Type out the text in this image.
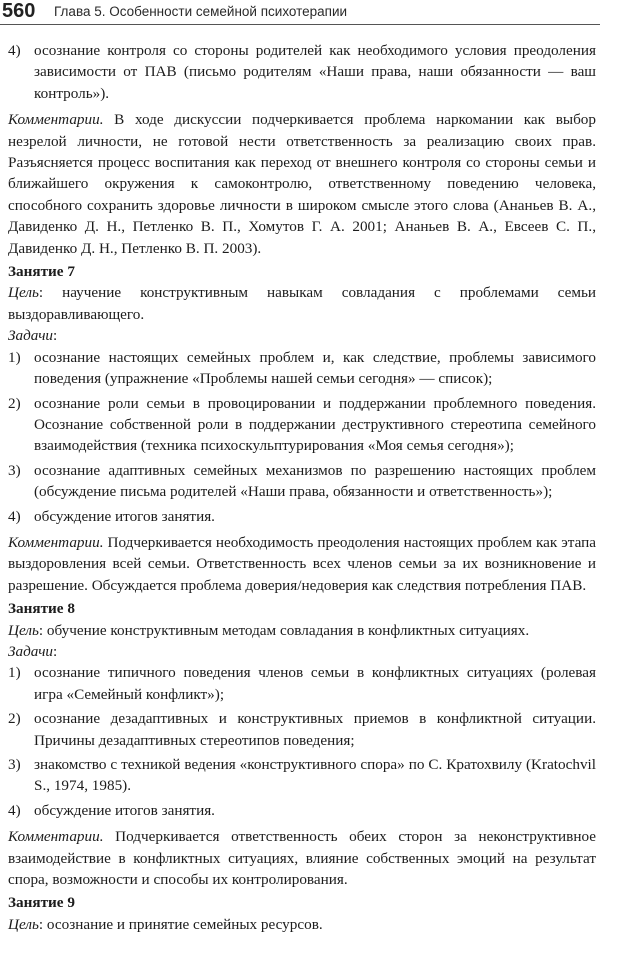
560 Глава 5. Особенности семейной психотерапии
4) осознание контроля со стороны родителей как необходимого условия преодоления зависимости от ПАВ (письмо родителям «Наши права, наши обязанности — ваш контроль»).

Комментарии. В ходе дискуссии подчеркивается проблема наркомании как выбор незрелой личности, не готовой нести ответственность за реализацию своих прав. Разъясняется процесс воспитания как переход от внешнего контроля со стороны семьи и ближайшего окружения к самоконтролю, ответственному поведению человека, способного сохранить здоровье личности в широком смысле этого слова (Ананьев В. А., Давиденко Д. Н., Петленко В. П., Хомутов Г. А. 2001; Ананьев В. А., Евсеев С. П., Давиденко Д. Н., Петленко В. П. 2003).

Занятие 7

Цель: научение конструктивным навыкам совладания с проблемами семьи выздоравливающего.

Задачи:

1) осознание настоящих семейных проблем и, как следствие, проблемы зависимого поведения (упражнение «Проблемы нашей семьи сегодня» — список);
2) осознание роли семьи в провоцировании и поддержании проблемного поведения. Осознание собственной роли в поддержании деструктивного стереотипа семейного взаимодействия (техника психоскульптурирования «Моя семья сегодня»);
3) осознание адаптивных семейных механизмов по разрешению настоящих проблем (обсуждение письма родителей «Наши права, обязанности и ответственность»);
4) обсуждение итогов занятия.

Комментарии. Подчеркивается необходимость преодоления настоящих проблем как этапа выздоровления всей семьи. Ответственность всех членов семьи за их возникновение и разрешение. Обсуждается проблема доверия/недоверия как следствия потребления ПАВ.

Занятие 8

Цель: обучение конструктивным методам совладания в конфликтных ситуациях.

Задачи:

1) осознание типичного поведения членов семьи в конфликтных ситуациях (ролевая игра «Семейный конфликт»);
2) осознание дезадаптивных и конструктивных приемов в конфликтной ситуации. Причины дезадаптивных стереотипов поведения;
3) знакомство с техникой ведения «конструктивного спора» по С. Кратохвилу (Kratochvil S., 1974, 1985).
4) обсуждение итогов занятия.

Комментарии. Подчеркивается ответственность обеих сторон за неконструктивное взаимодействие в конфликтных ситуациях, влияние собственных эмоций на результат спора, возможности и способы их контролирования.

Занятие 9

Цель: осознание и принятие семейных ресурсов.
